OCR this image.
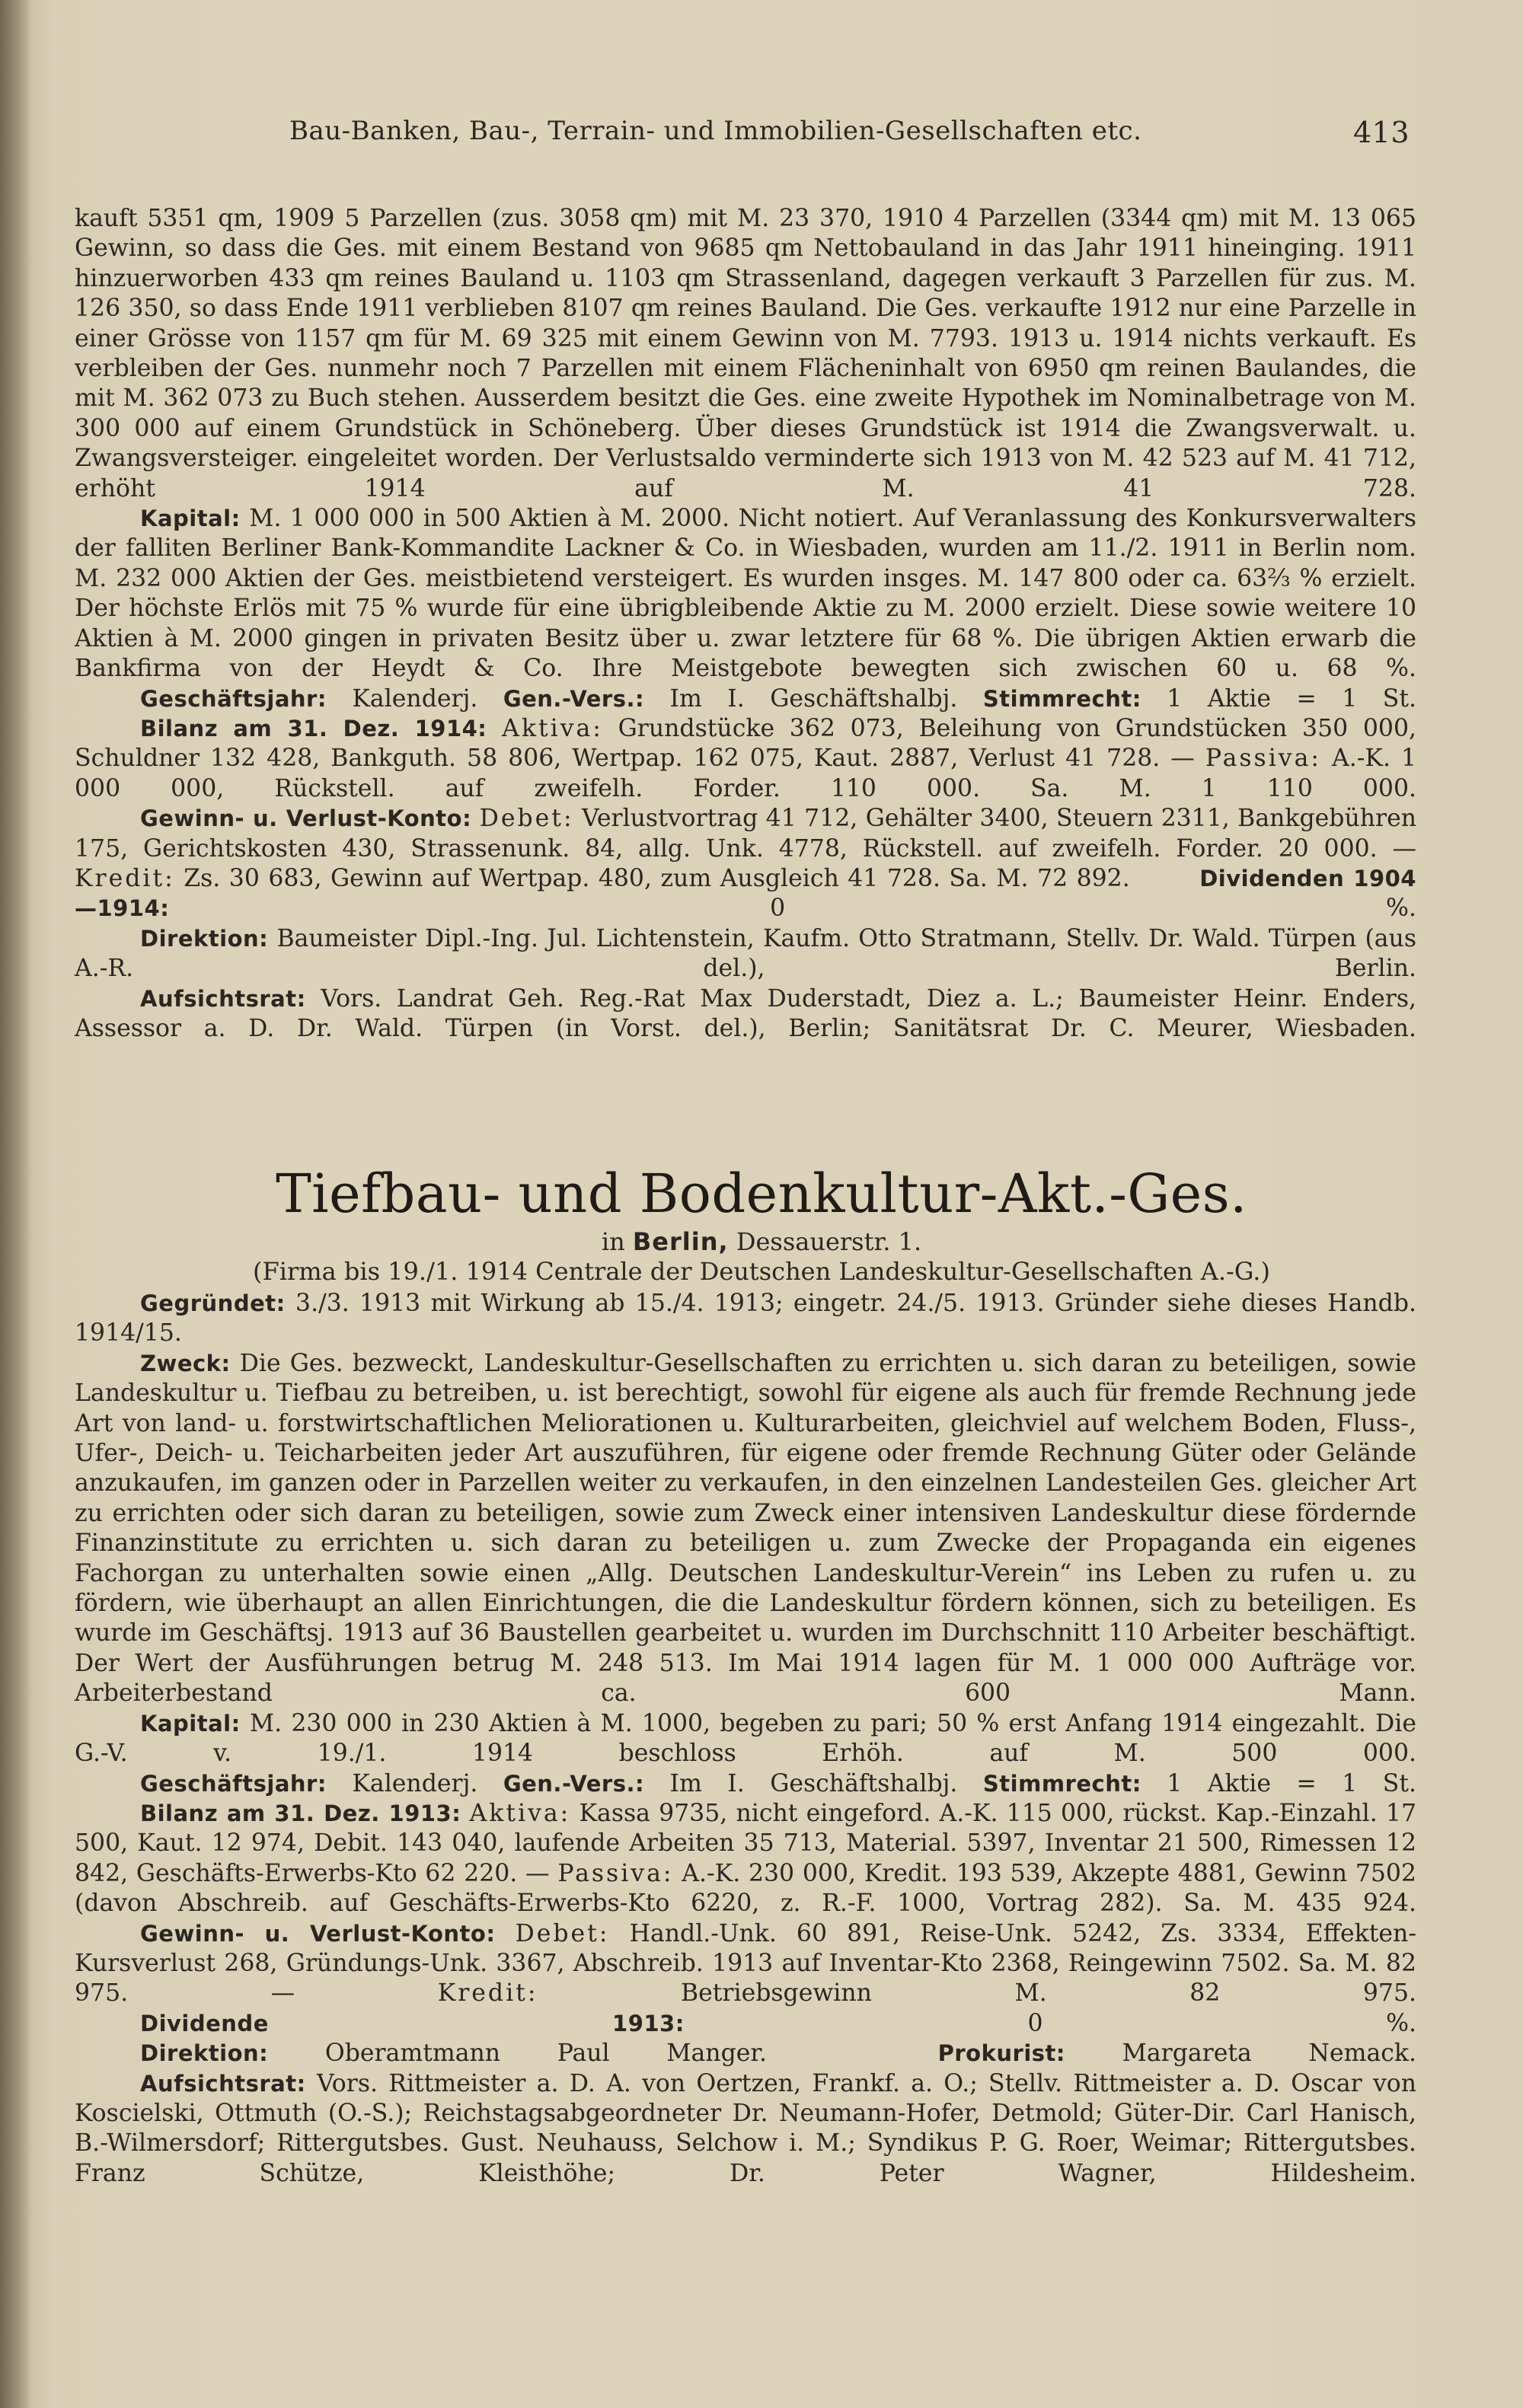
Bau-Banken, Bau-, Terrain- und Immobilien-Gesellschaften etc.	413

kauft 5351 qm, 1909 5 Parzellen (zus. 3058 qm) mit M. 23 370, 1910 4 Parzellen (3344 qm) mit M. 13 065 Gewinn, so dass die Ges. mit einem Bestand von 9685 qm Nettobauland in das Jahr 1911 hineinging. 1911 hinzuerworben 433 qm reines Bauland u. 1103 qm Strassenland, dagegen verkauft 3 Parzellen für zus. M. 126 350, so dass Ende 1911 verblieben 8107 qm reines Bauland. Die Ges. verkaufte 1912 nur eine Parzelle in einer Grösse von 1157 qm für M. 69 325 mit einem Gewinn von M. 7793. 1913 u. 1914 nichts verkauft. Es verbleiben der Ges. nunmehr noch 7 Parzellen mit einem Flächeninhalt von 6950 qm reinen Baulandes, die mit M. 362 073 zu Buch stehen. Ausserdem besitzt die Ges. eine zweite Hypothek im Nominalbetrage von M. 300 000 auf einem Grundstück in Schöneberg. Über dieses Grundstück ist 1914 die Zwangsverwalt. u. Zwangsversteiger. eingeleitet worden. Der Verlustsaldo verminderte sich 1913 von M. 42 523 auf M. 41 712, erhöht 1914 auf M. 41 728.

Kapital: M. 1 000 000 in 500 Aktien à M. 2000. Nicht notiert. Auf Veranlassung des Konkursverwalters der falliten Berliner Bank-Kommandite Lackner & Co. in Wiesbaden, wurden am 11./2. 1911 in Berlin nom. M. 232 000 Aktien der Ges. meistbietend versteigert. Es wurden insges. M. 147 800 oder ca. 63⅔ % erzielt. Der höchste Erlös mit 75 % wurde für eine übrigbleibende Aktie zu M. 2000 erzielt. Diese sowie weitere 10 Aktien à M. 2000 gingen in privaten Besitz über u. zwar letztere für 68 %. Die übrigen Aktien erwarb die Bankfirma von der Heydt & Co. Ihre Meistgebote bewegten sich zwischen 60 u. 68 %.

Geschäftsjahr: Kalenderj. Gen.-Vers.: Im I. Geschäftshalbj. Stimmrecht: 1 Aktie = 1 St.

Bilanz am 31. Dez. 1914: Aktiva: Grundstücke 362 073, Beleihung von Grundstücken 350 000, Schuldner 132 428, Bankguth. 58 806, Wertpap. 162 075, Kaut. 2887, Verlust 41 728. — Passiva: A.-K. 1 000 000, Rückstell. auf zweifelh. Forder. 110 000. Sa. M. 1 110 000.

Gewinn- u. Verlust-Konto: Debet: Verlustvortrag 41 712, Gehälter 3400, Steuern 2311, Bankgebühren 175, Gerichtskosten 430, Strassenunk. 84, allg. Unk. 4778, Rückstell. auf zweifelh. Forder. 20 000. — Kredit: Zs. 30 683, Gewinn auf Wertpap. 480, zum Ausgleich 41 728. Sa. M. 72 892.	Dividenden 1904—1914:	0 %.

Direktion: Baumeister Dipl.-Ing. Jul. Lichtenstein, Kaufm. Otto Stratmann, Stellv. Dr. Wald. Türpen (aus A.-R. del.), Berlin.

Aufsichtsrat: Vors. Landrat Geh. Reg.-Rat Max Duderstadt, Diez a. L.; Baumeister Heinr. Enders, Assessor a. D. Dr. Wald. Türpen (in Vorst. del.), Berlin; Sanitätsrat Dr. C. Meurer, Wiesbaden.

Tiefbau- und Bodenkultur-Akt.-Ges.
in Berlin, Dessauerstr. 1.
(Firma bis 19./1. 1914 Centrale der Deutschen Landeskultur-Gesellschaften A.-G.)

Gegründet: 3./3. 1913 mit Wirkung ab 15./4. 1913; eingetr. 24./5. 1913. Gründer siehe dieses Handb. 1914/15.

Zweck: Die Ges. bezweckt, Landeskultur-Gesellschaften zu errichten u. sich daran zu beteiligen, sowie Landeskultur u. Tiefbau zu betreiben, u. ist berechtigt, sowohl für eigene als auch für fremde Rechnung jede Art von land- u. forstwirtschaftlichen Meliorationen u. Kulturarbeiten, gleichviel auf welchem Boden, Fluss-, Ufer-, Deich- u. Teicharbeiten jeder Art auszuführen, für eigene oder fremde Rechnung Güter oder Gelände anzukaufen, im ganzen oder in Parzellen weiter zu verkaufen, in den einzelnen Landesteilen Ges. gleicher Art zu errichten oder sich daran zu beteiligen, sowie zum Zweck einer intensiven Landeskultur diese fördernde Finanzinstitute zu errichten u. sich daran zu beteiligen u. zum Zwecke der Propaganda ein eigenes Fachorgan zu unterhalten sowie einen „Allg. Deutschen Landeskultur-Verein“ ins Leben zu rufen u. zu fördern, wie überhaupt an allen Einrichtungen, die die Landeskultur fördern können, sich zu beteiligen. Es wurde im Geschäftsj. 1913 auf 36 Baustellen gearbeitet u. wurden im Durchschnitt 110 Arbeiter beschäftigt. Der Wert der Ausführungen betrug M. 248 513. Im Mai 1914 lagen für M. 1 000 000 Aufträge vor. Arbeiterbestand ca. 600 Mann.

Kapital: M. 230 000 in 230 Aktien à M. 1000, begeben zu pari; 50 % erst Anfang 1914 eingezahlt. Die G.-V. v. 19./1. 1914 beschloss Erhöh. auf M. 500 000.

Geschäftsjahr: Kalenderj. Gen.-Vers.: Im I. Geschäftshalbj. Stimmrecht: 1 Aktie = 1 St.

Bilanz am 31. Dez. 1913: Aktiva: Kassa 9735, nicht eingeford. A.-K. 115 000, rückst. Kap.-Einzahl. 17 500, Kaut. 12 974, Debit. 143 040, laufende Arbeiten 35 713, Material. 5397, Inventar 21 500, Rimessen 12 842, Geschäfts-Erwerbs-Kto 62 220. — Passiva: A.-K. 230 000, Kredit. 193 539, Akzepte 4881, Gewinn 7502 (davon Abschreib. auf Geschäfts-Erwerbs-Kto 6220, z. R.-F. 1000, Vortrag 282). Sa. M. 435 924.

Gewinn- u. Verlust-Konto: Debet: Handl.-Unk. 60 891, Reise-Unk. 5242, Zs. 3334, Effekten-Kursverlust 268, Gründungs-Unk. 3367, Abschreib. 1913 auf Inventar-Kto 2368, Reingewinn 7502. Sa. M. 82 975. —	Kredit:	Betriebsgewinn M. 82 975.

Dividende 1913:	0 %.

Direktion: Oberamtmann Paul Manger.	Prokurist: Margareta Nemack.

Aufsichtsrat: Vors. Rittmeister a. D. A. von Oertzen, Frankf. a. O.; Stellv. Rittmeister a. D. Oscar von Koscielski, Ottmuth (O.-S.); Reichstagsabgeordneter Dr. Neumann-Hofer, Detmold; Güter-Dir. Carl Hanisch, B.-Wilmersdorf; Rittergutsbes. Gust. Neuhauss, Selchow i. M.; Syndikus P. G. Roer, Weimar; Rittergutsbes. Franz Schütze, Kleisthöhe; Dr. Peter Wagner, Hildesheim.
